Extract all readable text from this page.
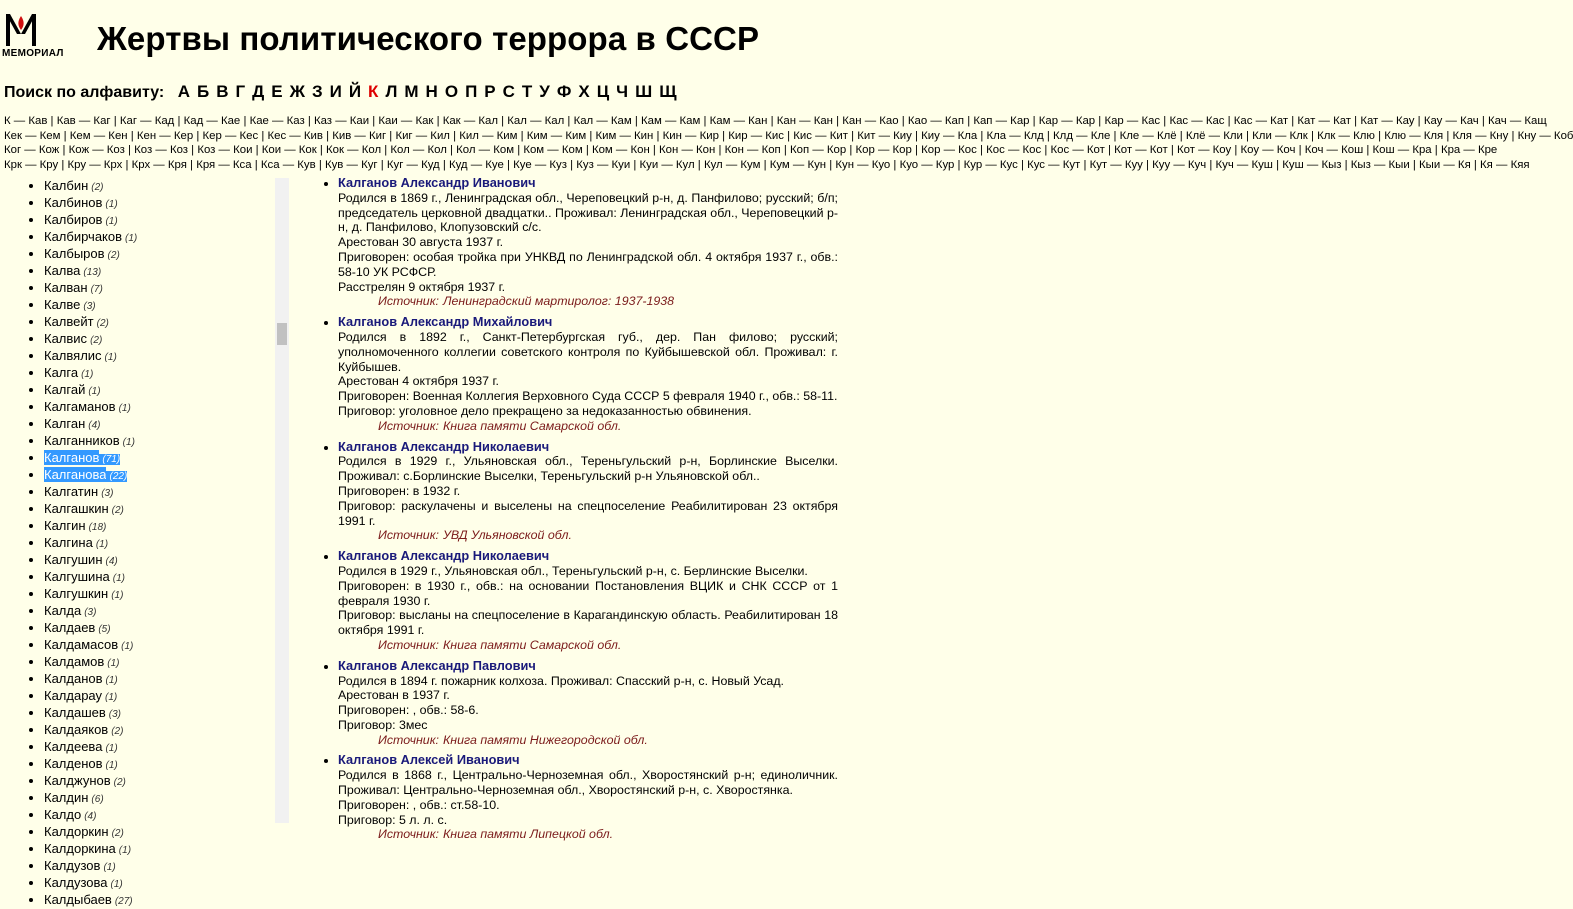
МЕМОРИАЛ Жертвы политического террора в СССР
Поиск по алфавиту: А Б В Г Д Е Ж З И Й К Л М Н О П Р С Т У Ф Х Ц Ч Ш Щ
К — Кав | Кав — Каг | Каг — Кад | Кад — Кае | Кае — Каз | Каз — Каи | Каи — Как | Как — Кал | Кал — Кал | Кал — Кам | Кам — Кам | Кам — Кан | Кан — Кан | Кан — Као | Као — Кап | Кап — Кар | Кар — Кар | Кар — Кас | Кас — Кас | Кас — Кат | Кат — Кат | Кат — Кау | Кау — Кач | Кач — Кащ
Кек — Кем | Кем — Кен | Кен — Кер | Кер — Кес | Кес — Кив | Кив — Киг | Киг — Кил | Кил — Ким | Ким — Ким | Ким — Кин | Кин — Кир | Кир — Кис | Кис — Кит | Кит — Киу | Киу — Кла | Кла — Клд | Клд — Кле | Кле — Клё | Клё — Кли | Кли — Клк | Клк — Клю | Клю — Кля | Кля — Кну | Кну — Коб
Ког — Кож | Кож — Коз | Коз — Коз | Коз — Кои | Кои — Кок | Кок — Кол | Кол — Кол | Кол — Ком | Ком — Ком | Ком — Кон | Кон — Кон | Кон — Коп | Коп — Кор | Кор — Кор | Кор — Кос | Кос — Кос | Кос — Кот | Кот — Кот | Кот — Коу | Коу — Коч | Коч — Кош | Кош — Кра | Кра — Кре
Крк — Кру | Кру — Крх | Крх — Кря | Кря — Кса | Кса — Кув | Кув — Куг | Куг — Куд | Куд — Куе | Куе — Куз | Куз — Куи | Куи — Кул | Кул — Кум | Кум — Кун | Кун — Куо | Куо — Кур | Кур — Кус | Кус — Кут | Кут — Куу | Куу — Куч | Куч — Куш | Куш — Кыз | Кыз — Кыи | Кыи — Кя | Кя — Кяя
• Калбин (2)
• Калбинов (1)
• Калбиров (1)
• Калбирчаков (1)
• Калбыров (2)
• Калва (13)
• Калван (7)
• Калве (3)
• Калвейт (2)
• Калвис (2)
• Калвялис (1)
• Калга (1)
• Калгай (1)
• Калгаманов (1)
• Калган (4)
• Калганников (1)
• Калганов (71)
• Калганова (22)
• Калгатин (3)
• Калгашкин (2)
• Калгин (18)
• Калгина (1)
• Калгушин (4)
• Калгушина (1)
• Калгушкин (1)
• Калда (3)
• Калдаев (5)
• Калдамасов (1)
• Калдамов (1)
• Калданов (1)
• Калдарау (1)
• Калдашев (3)
• Калдаяков (2)
• Калдеева (1)
• Калденов (1)
• Калджунов (2)
• Калдин (6)
• Калдо (4)
• Калдоркин (2)
• Калдоркина (1)
• Калдузов (1)
• Калдузова (1)
• Калдыбаев (27)
• Калганов Александр Иванович
Родился в 1869 г., Ленинградская обл., Череповецкий р-н, д. Панфилово; русский; б/п; председатель церковной двадцатки.. Проживал: Ленинградская обл., Череповецкий р-н, д. Панфилово, Клопузовский с/с.
Арестован 30 августа 1937 г.
Приговорен: особая тройка при УНКВД по Ленинградской обл. 4 октября 1937 г., обв.: 58-10 УК РСФСР.
Расстрелян 9 октября 1937 г.
Источник: Ленинградский мартиролог: 1937-1938
• Калганов Александр Михайлович
Родился в 1892 г., Санкт-Петербургская губ., дер. Пан филово; русский; уполномоченного коллегии советского контроля по Куйбышевской обл. Проживал: г. Куйбышев.
Арестован 4 октября 1937 г.
Приговорен: Военная Коллегия Верховного Суда СССР 5 февраля 1940 г., обв.: 58-11.
Приговор: уголовное дело прекращено за недоказанностью обвинения.
Источник: Книга памяти Самарской обл.
• Калганов Александр Николаевич
Родился в 1929 г., Ульяновская обл., Тереньгульский р-н, Борлинские Выселки. Проживал: с.Борлинские Выселки, Тереньгульский р-н Ульяновской обл..
Приговорен: в 1932 г.
Приговор: раскулачены и выселены на спецпоселение Реабилитирован 23 октября 1991 г.
Источник: УВД Ульяновской обл.
• Калганов Александр Николаевич
Родился в 1929 г., Ульяновская обл., Тереньгульский р-н, с. Берлинские Выселки.
Приговорен: в 1930 г., обв.: на основании Постановления ВЦИК и СНК СССР от 1 февраля 1930 г.
Приговор: высланы на спецпоселение в Карагандинскую область. Реабилитирован 18 октября 1991 г.
Источник: Книга памяти Самарской обл.
• Калганов Александр Павлович
Родился в 1894 г. пожарник колхоза. Проживал: Спасский р-н, с. Новый Усад.
Арестован в 1937 г.
Приговорен: , обв.: 58-6.
Приговор: 3мес
Источник: Книга памяти Нижегородской обл.
• Калганов Алексей Иванович
Родился в 1868 г., Центрально-Черноземная обл., Хворостянский р-н; единоличник. Проживал: Центрально-Черноземная обл., Хворостянский р-н, с. Хворостянка.
Приговорен: , обв.: ст.58-10.
Приговор: 5 л. л. с.
Источник: Книга памяти Липецкой обл.
